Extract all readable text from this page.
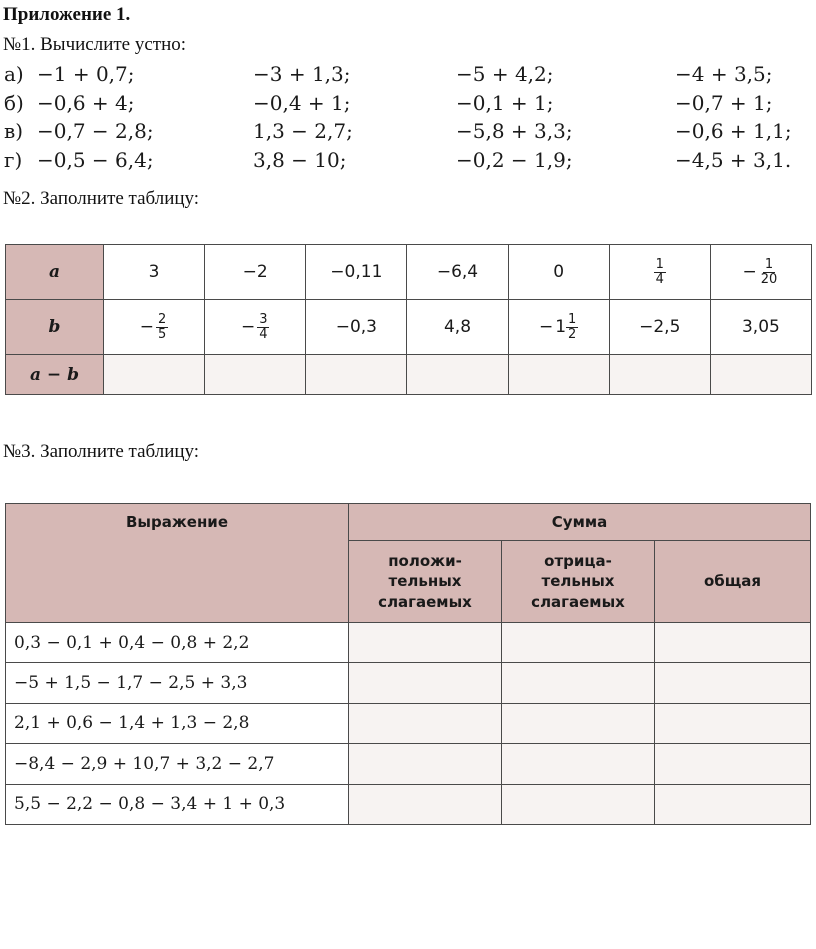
Приложение 1.
№1. Вычислите устно:
а) −1 + 0,7;	−3 + 1,3;	−5 + 4,2;	−4 + 3,5;
б) −0,6 + 4;	−0,4 + 1;	−0,1 + 1;	−0,7 + 1;
в) −0,7 − 2,8;	1,3 − 2,7;	−5,8 + 3,3;	−0,6 + 1,1;
г) −0,5 − 6,4;	3,8 − 10;	−0,2 − 1,9;	−4,5 + 3,1.
№2. Заполните таблицу:
a	3	−2	−0,11	−6,4	0	$\frac{1}{4}$	− $\frac{1}{20}$

b	− $\frac{2}{5}$	− $\frac{3}{4}$	−0,3	4,8	− $1 \frac{1}{2}$	−2,5	3,05
a − b							
№3. Заполните таблицу:
Выражение	Сумма		
	положи-
тельных
слагаемых	отрица-
тельных
слагаемых	общая
0,3 − 0,1 + 0,4 − 0,8 + 2,2			
−5 + 1,5 − 1,7 − 2,5 + 3,3			
2,1 + 0,6 − 1,4 + 1,3 − 2,8			
−8,4 − 2,9 + 10,7 + 3,2 − 2,7			
5,5 − 2,2 − 0,8 − 3,4 + 1 + 0,3			
